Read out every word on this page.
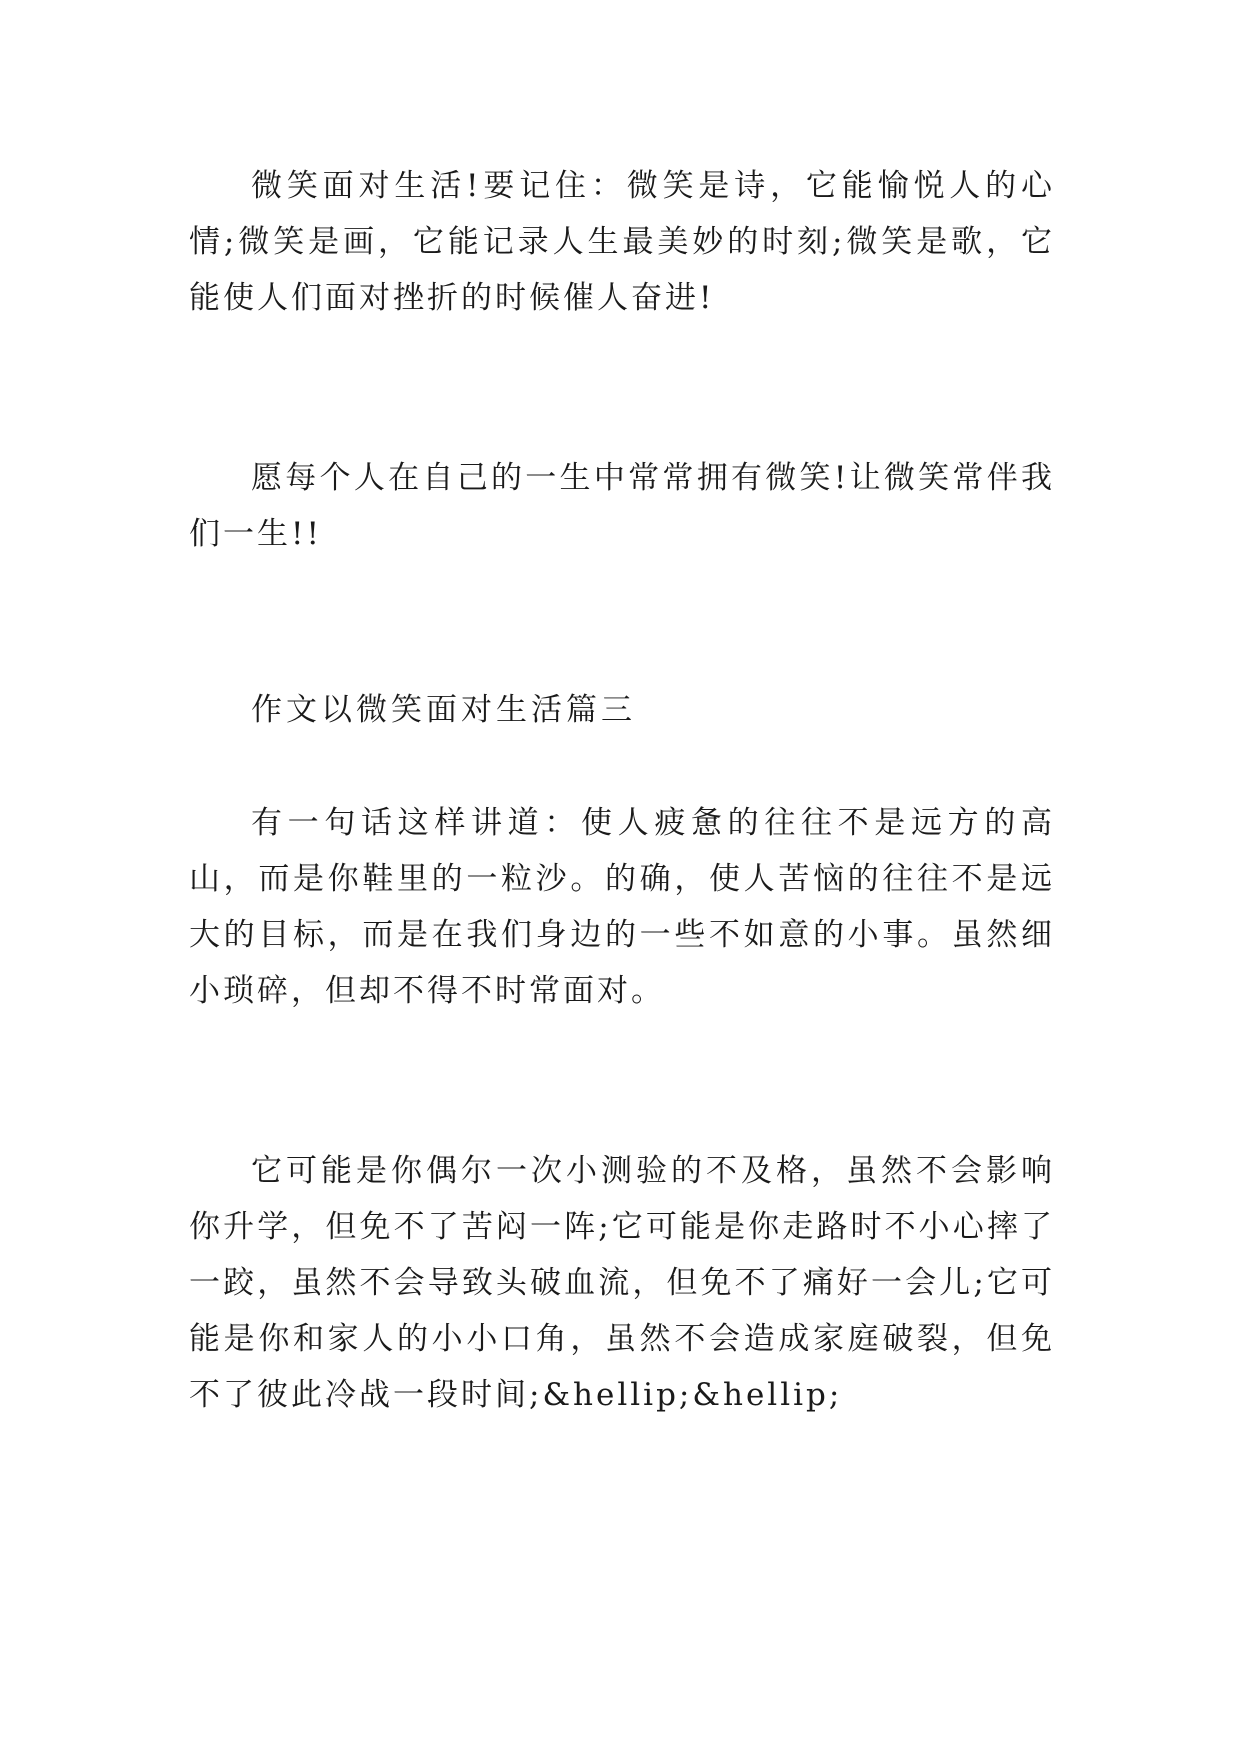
微笑面对生活!要记住：微笑是诗，它能愉悦人的心情;微笑是画，它能记录人生最美妙的时刻;微笑是歌，它能使人们面对挫折的时候催人奋进!

愿每个人在自己的一生中常常拥有微笑!让微笑常伴我们一生!!

作文以微笑面对生活篇三

有一句话这样讲道：使人疲惫的往往不是远方的高山，而是你鞋里的一粒沙。的确，使人苦恼的往往不是远大的目标，而是在我们身边的一些不如意的小事。虽然细小琐碎，但却不得不时常面对。

它可能是你偶尔一次小测验的不及格，虽然不会影响你升学，但免不了苦闷一阵;它可能是你走路时不小心摔了一跤，虽然不会导致头破血流，但免不了痛好一会儿;它可能是你和家人的小小口角，虽然不会造成家庭破裂，但免不了彼此冷战一段时间;&hellip;&hellip;
